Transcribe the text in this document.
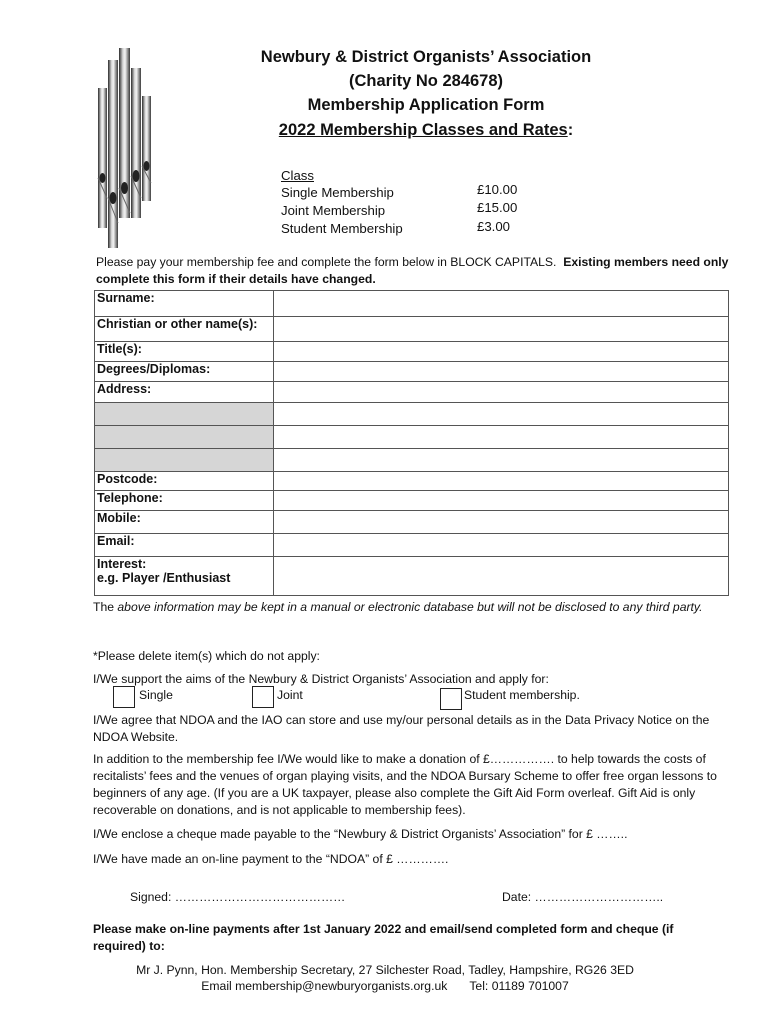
Newbury & District Organists’ Association
(Charity No 284678)
Membership Application Form
2022 Membership Classes and Rates:
Class
Single Membership	£10.00
Joint Membership	£15.00
Student Membership	£3.00
Please pay your membership fee and complete the form below in BLOCK CAPITALS. Existing members need only complete this form if their details have changed.
Surname:	
Christian or other name(s):	
Title(s):	
Degrees/Diplomas:	
Address:	

Postcode:	
Telephone:	
Mobile:	
Email:	

Interest:
e.g. Player /Enthusiast	

The above information may be kept in a manual or electronic database but will not be disclosed to any third party.
*Please delete item(s) which do not apply:
I/We support the aims of the Newbury & District Organists’ Association and apply for:
Single	Joint	Student membership.
I/We agree that NDOA and the IAO can store and use my/our personal details as in the Data Privacy Notice on the NDOA Website.
In addition to the membership fee I/We would like to make a donation of £……………. to help towards the costs of recitalists’ fees and the venues of organ playing visits, and the NDOA Bursary Scheme to offer free organ lessons to beginners of any age. (If you are a UK taxpayer, please also complete the Gift Aid Form overleaf. Gift Aid is only recoverable on donations, and is not applicable to membership fees).
I/We enclose a cheque made payable to the “Newbury & District Organists’ Association” for £ ……..
I/We have made an on-line payment to the “NDOA” of £ ………….
Signed: ……………………………………	Date: …………………………..
Please make on-line payments after 1st January 2022 and email/send completed form and cheque (if required) to:
Mr J. Pynn, Hon. Membership Secretary, 27 Silchester Road, Tadley, Hampshire, RG26 3ED
Email membership@newburyorganists.org.uk Tel: 01189 701007
